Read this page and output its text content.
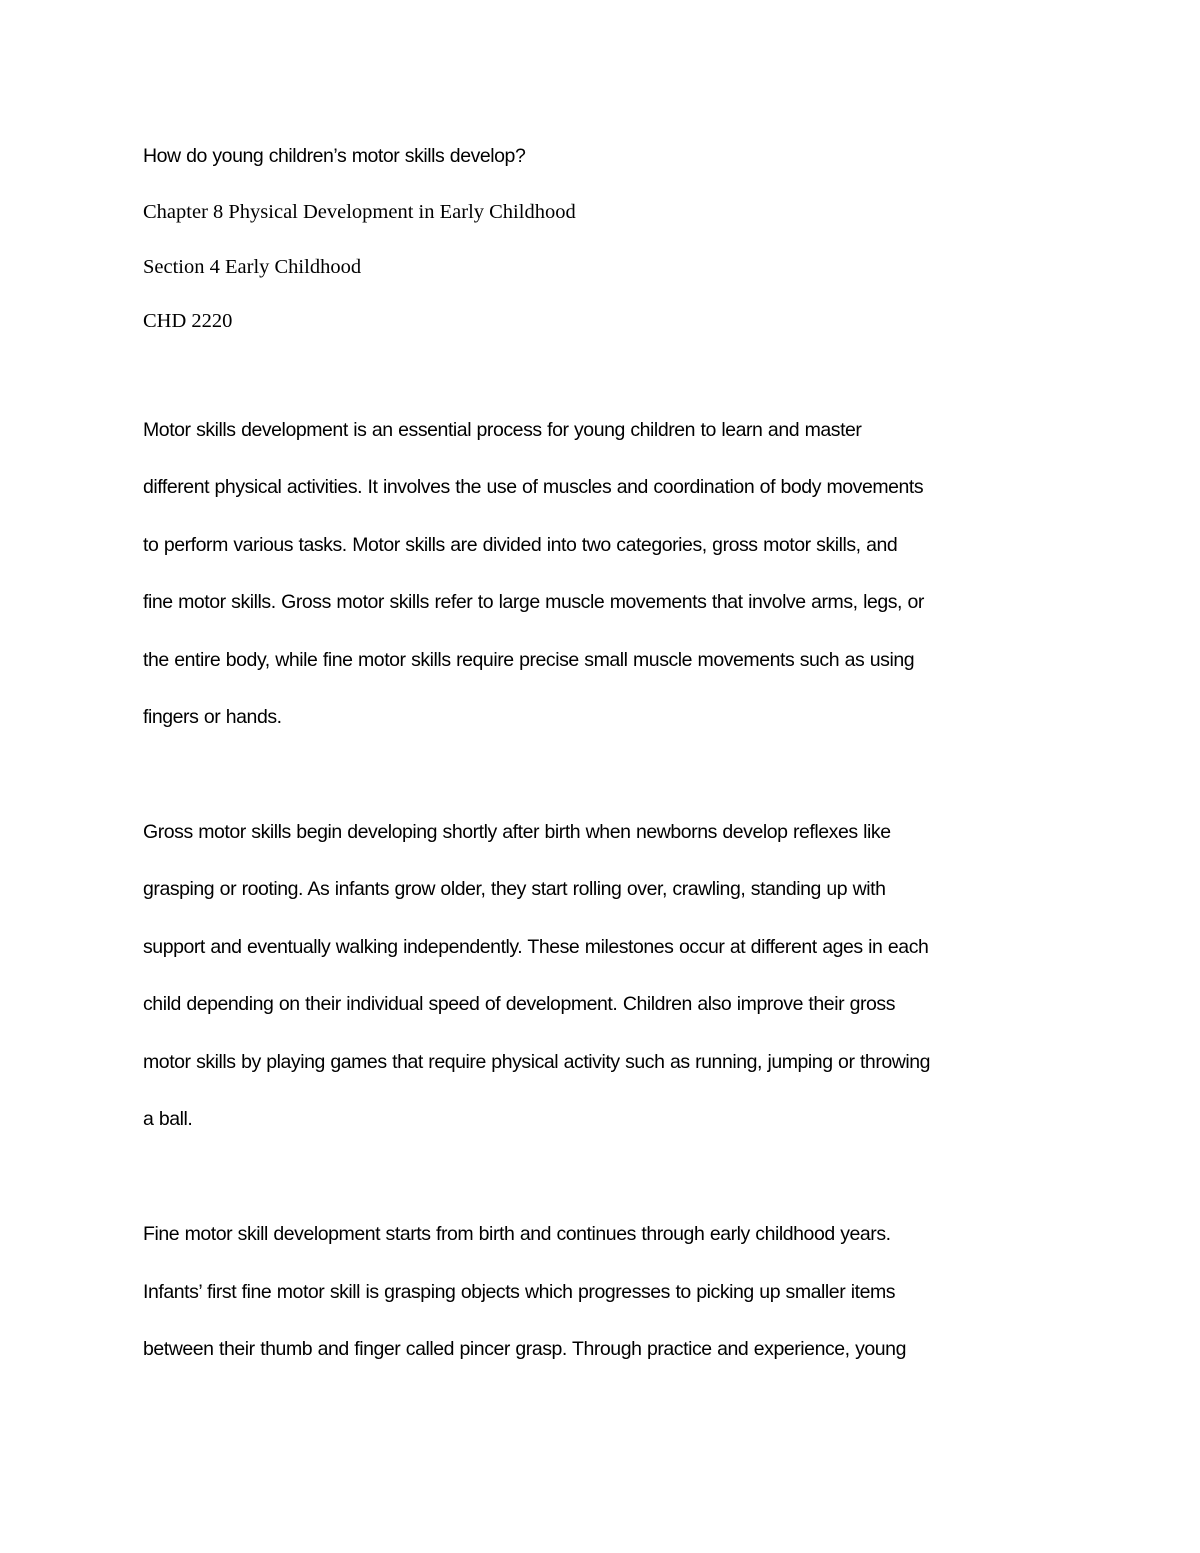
How do young children’s motor skills develop?
Chapter 8 Physical Development in Early Childhood
Section 4 Early Childhood
CHD 2220
Motor skills development is an essential process for young children to learn and master
different physical activities. It involves the use of muscles and coordination of body movements
to perform various tasks. Motor skills are divided into two categories, gross motor skills, and
fine motor skills. Gross motor skills refer to large muscle movements that involve arms, legs, or
the entire body, while fine motor skills require precise small muscle movements such as using
fingers or hands.
Gross motor skills begin developing shortly after birth when newborns develop reflexes like
grasping or rooting. As infants grow older, they start rolling over, crawling, standing up with
support and eventually walking independently. These milestones occur at different ages in each
child depending on their individual speed of development. Children also improve their gross
motor skills by playing games that require physical activity such as running, jumping or throwing
a ball.
Fine motor skill development starts from birth and continues through early childhood years.
Infants’ first fine motor skill is grasping objects which progresses to picking up smaller items
between their thumb and finger called pincer grasp. Through practice and experience, young
